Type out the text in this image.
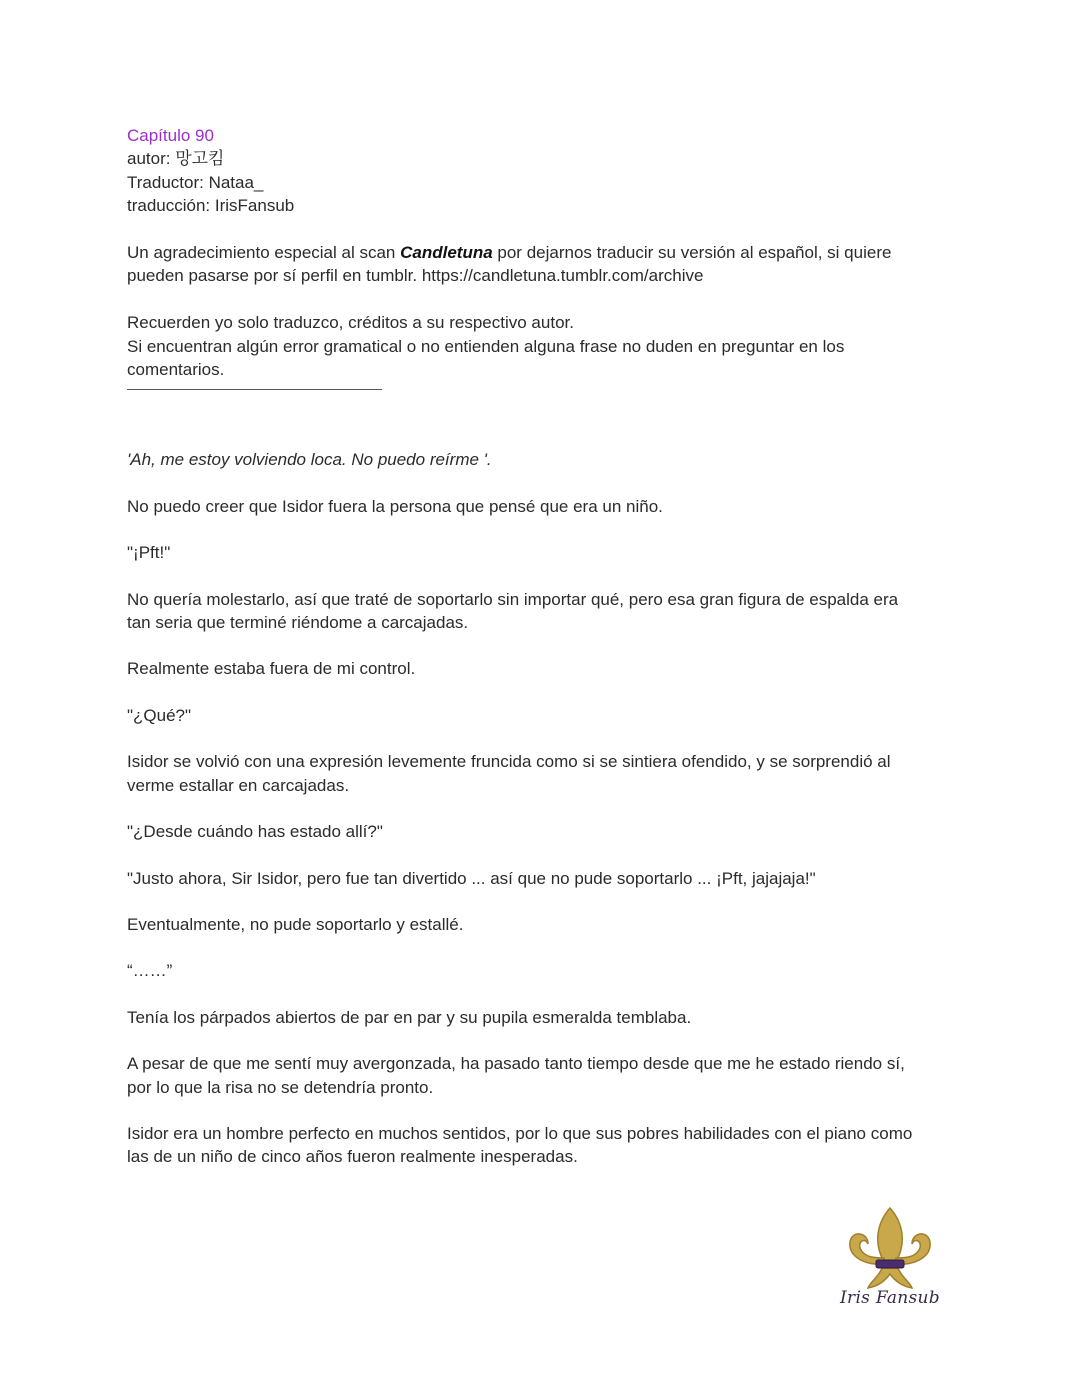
Capítulo 90
autor: 망고킴
Traductor: Nataa_
traducción: IrisFansub
Un agradecimiento especial al scan Candletuna por dejarnos traducir su versión al español, si quiere
pueden pasarse por sí perfil en tumblr. https://candletuna.tumblr.com/archive
Recuerden yo solo traduzco, créditos a su respectivo autor.
Si encuentran algún error gramatical o no entienden alguna frase no duden en preguntar en los
comentarios.
'Ah, me estoy volviendo loca. No puedo reírme '.
No puedo creer que Isidor fuera la persona que pensé que era un niño.
"¡Pft!"
No quería molestarlo, así que traté de soportarlo sin importar qué, pero esa gran figura de espalda era
tan seria que terminé riéndome a carcajadas.
Realmente estaba fuera de mi control.
"¿Qué?"
Isidor se volvió con una expresión levemente fruncida como si se sintiera ofendido, y se sorprendió al
verme estallar en carcajadas.
"¿Desde cuándo has estado allí?"
"Justo ahora, Sir Isidor, pero fue tan divertido ... así que no pude soportarlo ... ¡Pft, jajajaja!"
Eventualmente, no pude soportarlo y estallé.
“……”
Tenía los párpados abiertos de par en par y su pupila esmeralda temblaba.
A pesar de que me sentí muy avergonzada, ha pasado tanto tiempo desde que me he estado riendo sí,
por lo que la risa no se detendría pronto.
Isidor era un hombre perfecto en muchos sentidos, por lo que sus pobres habilidades con el piano como
las de un niño de cinco años fueron realmente inesperadas.
Iris Fansub
